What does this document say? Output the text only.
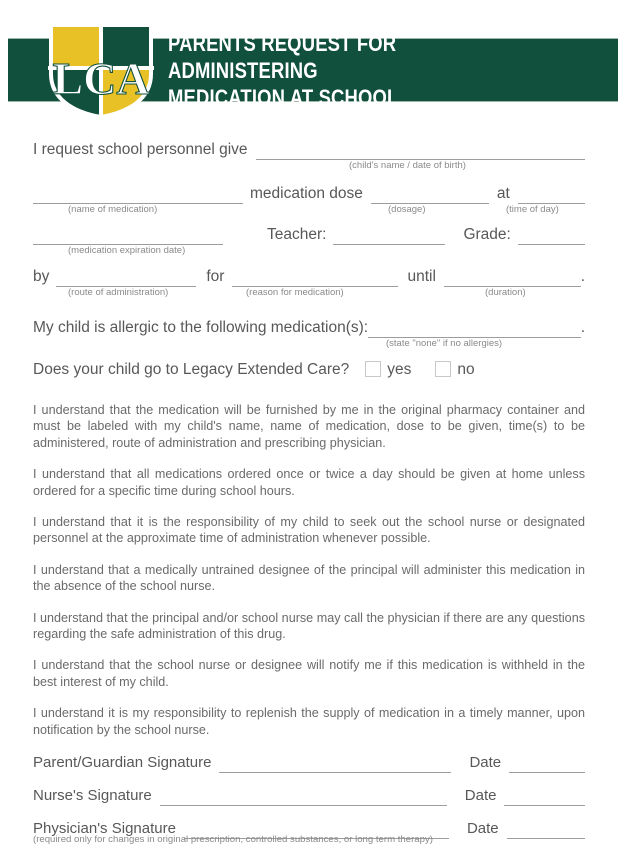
LCA
PARENTS REQUEST FOR ADMINISTERING
MEDICATION AT SCHOOL
I request school personnel give
(child's name / date of birth)
medication dose	at
(name of medication)	(dosage)	(time of day)
Teacher:	Grade:
(medication expiration date)
by	for	until	.
(route of administration)	(reason for medication)	(duration)
My child is allergic to the following medication(s):	.
(state "none" if no allergies)
Does your child go to Legacy Extended Care? yes	no

I understand that the medication will be furnished by me in the original pharmacy container and must be labeled with my child's name, name of medication, dose to be given, time(s) to be administered, route of administration and prescribing physician.

I understand that all medications ordered once or twice a day should be given at home unless ordered for a specific time during school hours.

I understand that it is the responsibility of my child to seek out the school nurse or designated personnel at the approximate time of administration whenever possible.

I understand that a medically untrained designee of the principal will administer this medication in the absence of the school nurse.

I understand that the principal and/or school nurse may call the physician if there are any questions regarding the safe administration of this drug.

I understand that the school nurse or designee will notify me if this medication is withheld in the best interest of my child.

I understand it is my responsibility to replenish the supply of medication in a timely manner, upon notification by the school nurse.

Parent/Guardian Signature	Date
Nurse's Signature	Date
Physician's Signature	Date
(required only for changes in original prescription, controlled substances, or long term therapy)
